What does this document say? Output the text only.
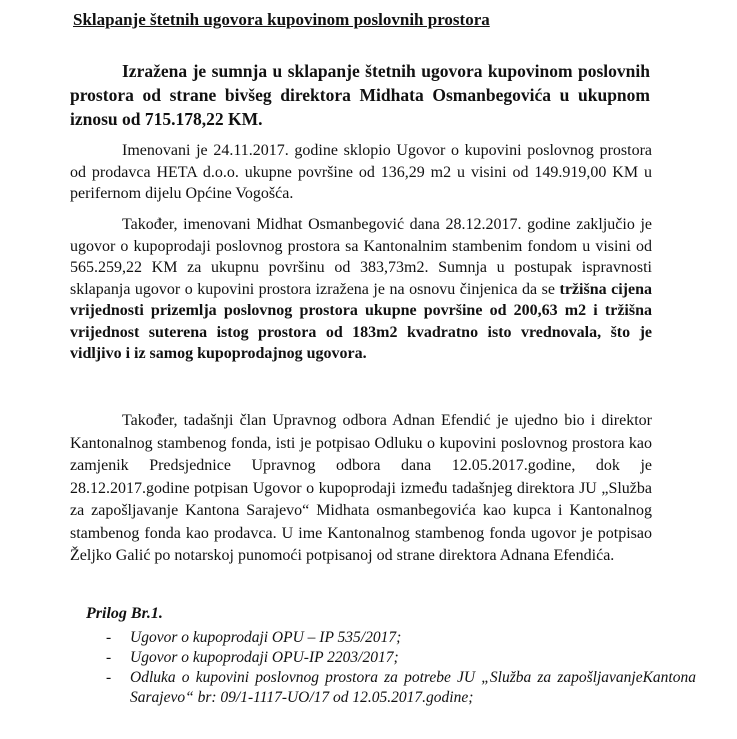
Sklapanje štetnih ugovora kupovinom poslovnih prostora
Izražena je sumnja u sklapanje štetnih ugovora kupovinom poslovnih prostora od strane bivšeg direktora Midhata Osmanbegovića u ukupnom iznosu od 715.178,22 KM.
Imenovani je 24.11.2017. godine sklopio Ugovor o kupovini poslovnog prostora od prodavca HETA d.o.o. ukupne površine od 136,29 m2 u visini od 149.919,00 KM u perifernom dijelu Općine Vogošća.
Također, imenovani Midhat Osmanbegović dana 28.12.2017. godine zaključio je ugovor o kupoprodaji poslovnog prostora sa Kantonalnim stambenim fondom u visini od 565.259,22 KM za ukupnu površinu od 383,73m2. Sumnja u postupak ispravnosti sklapanja ugovor o kupovini prostora izražena je na osnovu činjenica da se tržišna cijena vrijednosti prizemlja poslovnog prostora ukupne površine od 200,63 m2 i tržišna vrijednost suterena istog prostora od 183m2 kvadratno isto vrednovala, što je vidljivo i iz samog kupoprodajnog ugovora.
Također, tadašnji član Upravnog odbora Adnan Efendić je ujedno bio i direktor Kantonalnog stambenog fonda, isti je potpisao Odluku o kupovini poslovnog prostora kao zamjenik Predsjednice Upravnog odbora dana 12.05.2017.godine, dok je 28.12.2017.godine potpisan Ugovor o kupoprodaji između tadašnjeg direktora JU „Služba za zapošljavanje Kantona Sarajevo“ Midhata osmanbegovića kao kupca i Kantonalnog stambenog fonda kao prodavca. U ime Kantonalnog stambenog fonda ugovor je potpisao Željko Galić po notarskoj punomoći potpisanoj od strane direktora Adnana Efendića.
Prilog Br.1.
- Ugovor o kupoprodaji OPU – IP 535/2017;
- Ugovor o kupoprodaji OPU-IP 2203/2017;
- Odluka o kupovini poslovnog prostora za potrebe JU „Služba za zapošljavanjeKantona Sarajevo“ br: 09/1-1117-UO/17 od 12.05.2017.godine;
